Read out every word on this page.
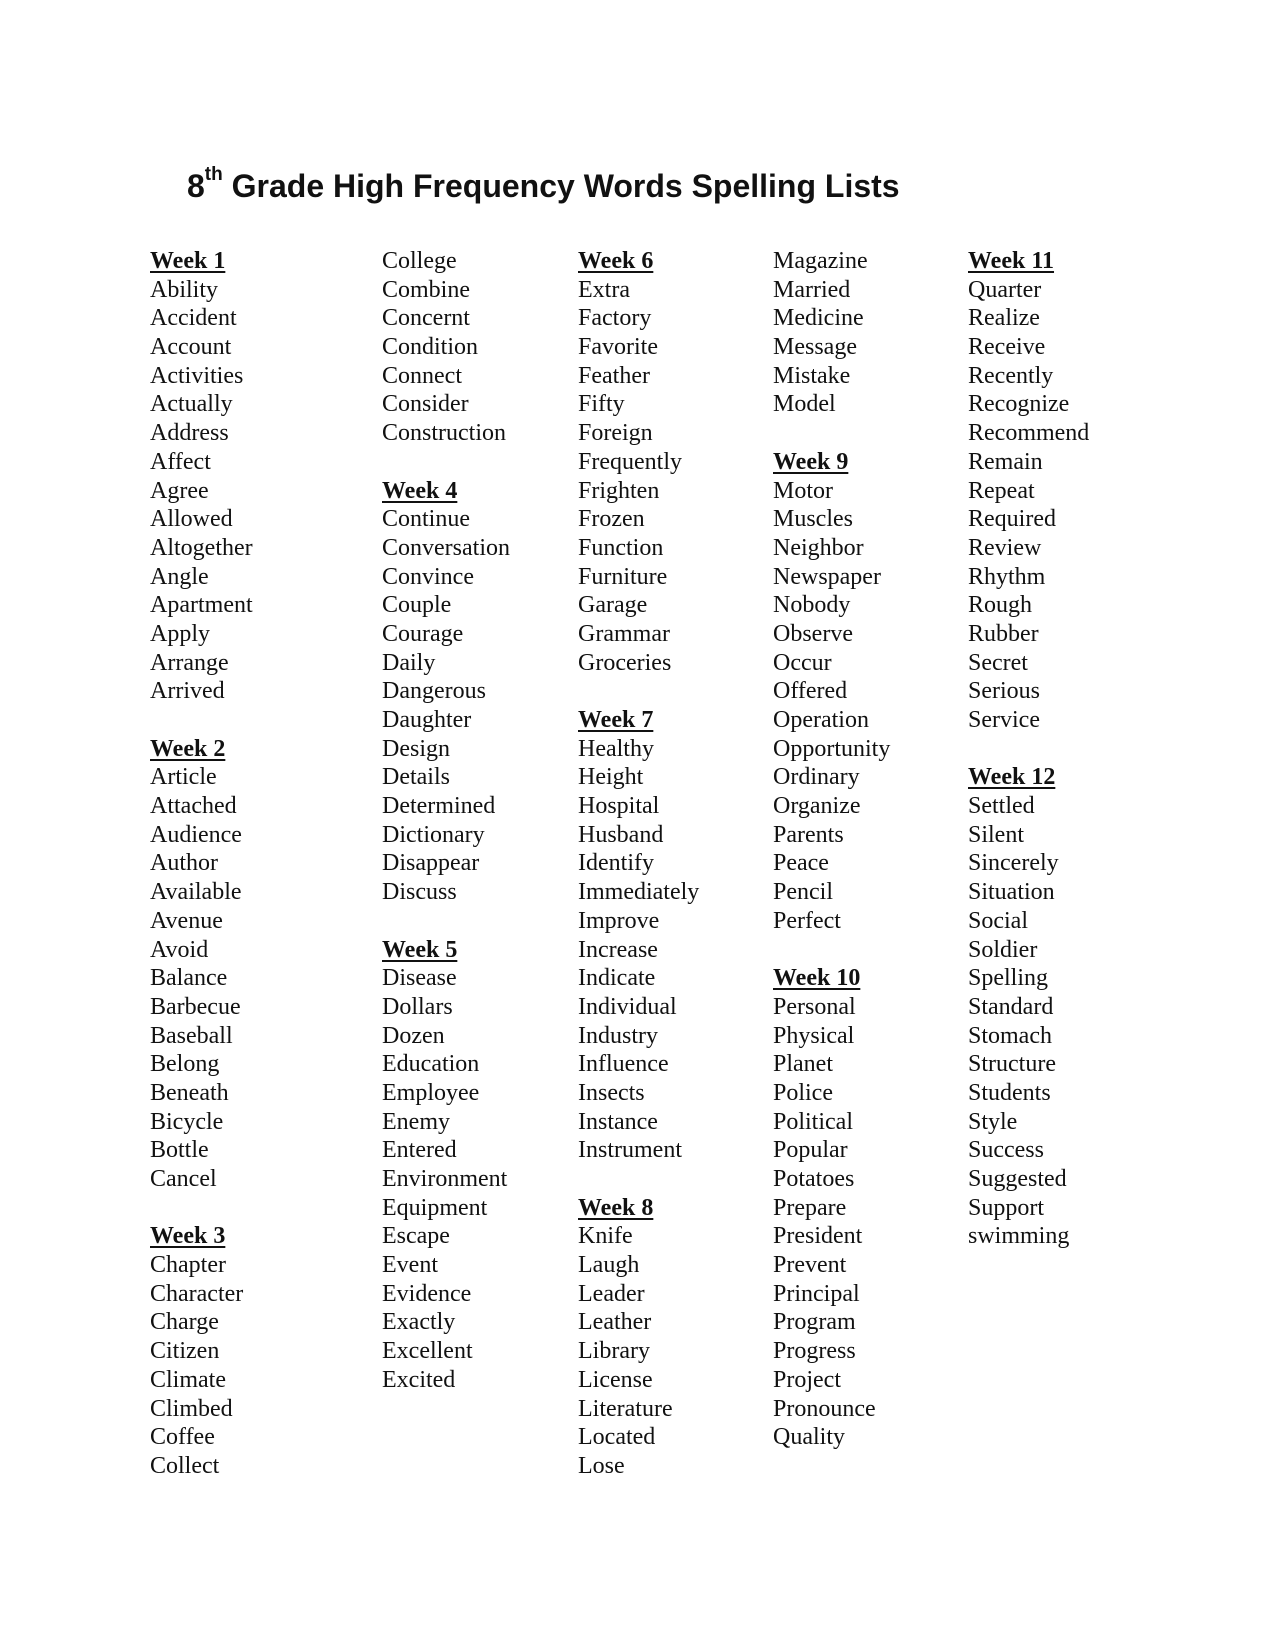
8th Grade High Frequency Words Spelling Lists
Week 1
Ability
Accident
Account
Activities
Actually
Address
Affect
Agree
Allowed
Altogether
Angle
Apartment
Apply
Arrange
Arrived
Week 2
Article
Attached
Audience
Author
Available
Avenue
Avoid
Balance
Barbecue
Baseball
Belong
Beneath
Bicycle
Bottle
Cancel
Week 3
Chapter
Character
Charge
Citizen
Climate
Climbed
Coffee
Collect
College
Combine
Concernt
Condition
Connect
Consider
Construction
Week 4
Continue
Conversation
Convince
Couple
Courage
Daily
Dangerous
Daughter
Design
Details
Determined
Dictionary
Disappear
Discuss
Week 5
Disease
Dollars
Dozen
Education
Employee
Enemy
Entered
Environment
Equipment
Escape
Event
Evidence
Exactly
Excellent
Excited
Week 6
Extra
Factory
Favorite
Feather
Fifty
Foreign
Frequently
Frighten
Frozen
Function
Furniture
Garage
Grammar
Groceries
Week 7
Healthy
Height
Hospital
Husband
Identify
Immediately
Improve
Increase
Indicate
Individual
Industry
Influence
Insects
Instance
Instrument
Week 8
Knife
Laugh
Leader
Leather
Library
License
Literature
Located
Lose
Magazine
Married
Medicine
Message
Mistake
Model
Week 9
Motor
Muscles
Neighbor
Newspaper
Nobody
Observe
Occur
Offered
Operation
Opportunity
Ordinary
Organize
Parents
Peace
Pencil
Perfect
Week 10
Personal
Physical
Planet
Police
Political
Popular
Potatoes
Prepare
President
Prevent
Principal
Program
Progress
Project
Pronounce
Quality
Week 11
Quarter
Realize
Receive
Recently
Recognize
Recommend
Remain
Repeat
Required
Review
Rhythm
Rough
Rubber
Secret
Serious
Service
Week 12
Settled
Silent
Sincerely
Situation
Social
Soldier
Spelling
Standard
Stomach
Structure
Students
Style
Success
Suggested
Support
swimming
